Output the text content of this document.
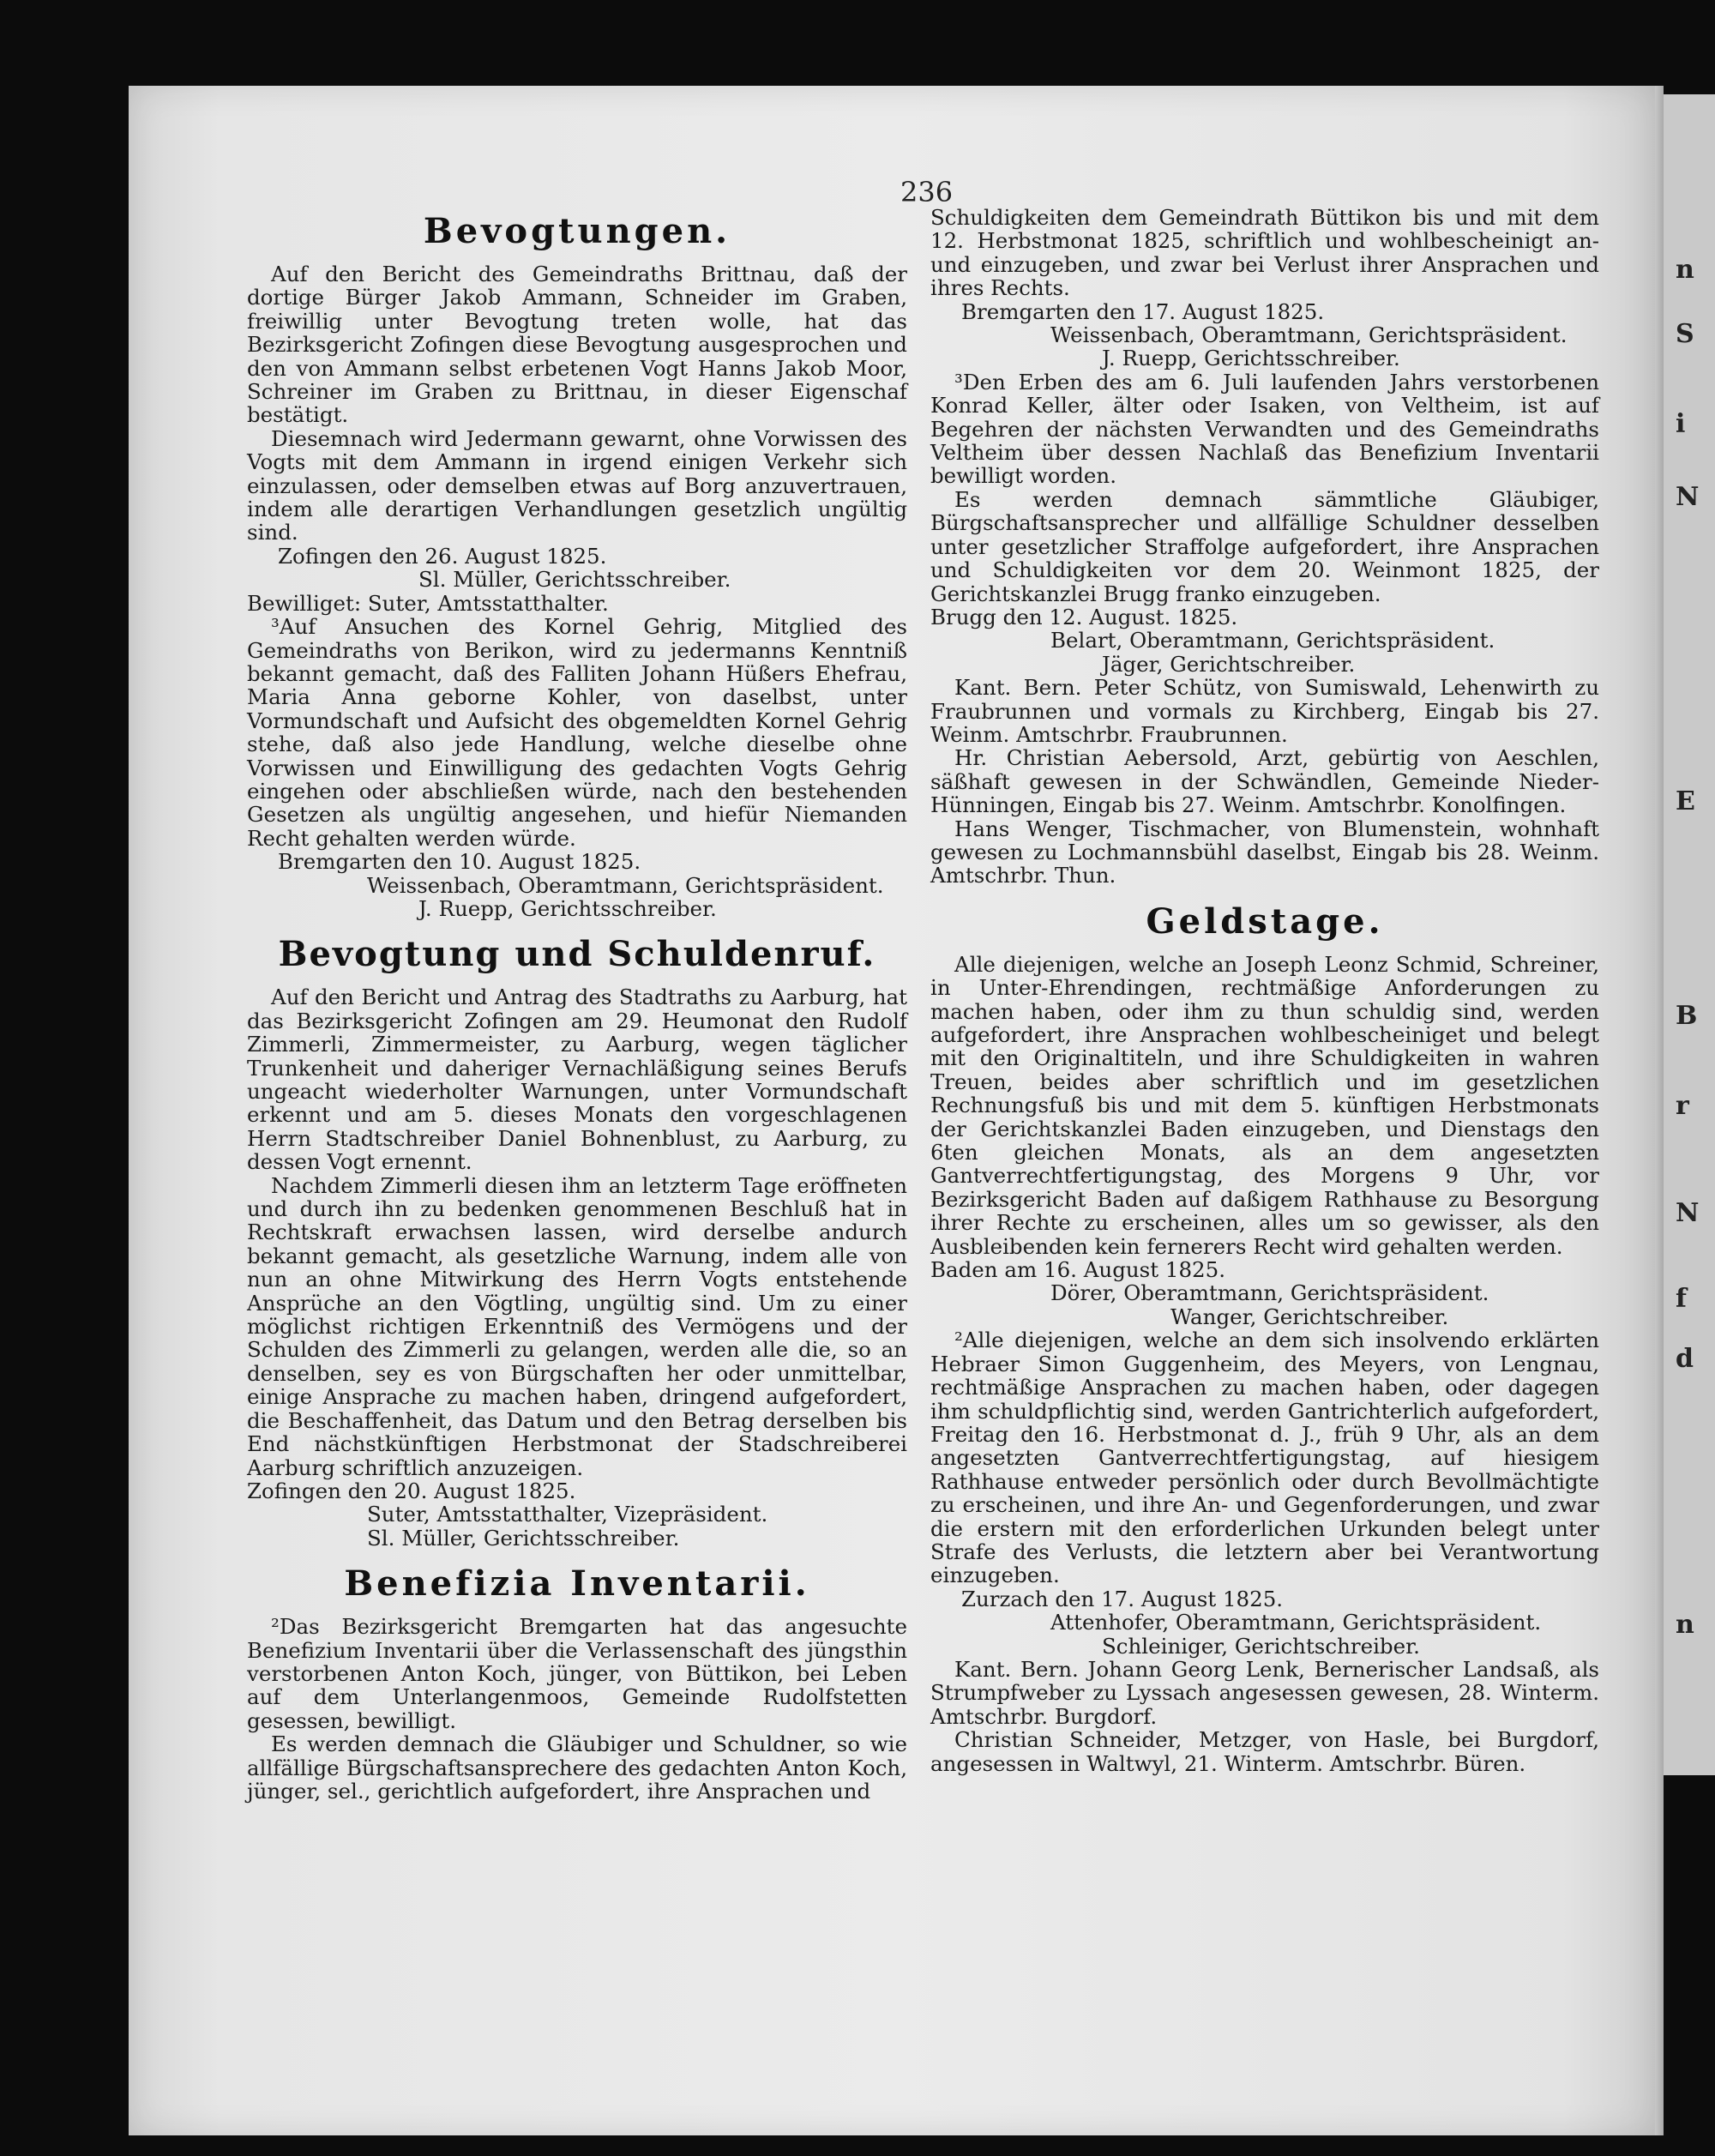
n
S
i
N
E
B
r
N
f
d
n
236
Bevogtungen.

Auf den Bericht des Gemeindraths Brittnau, daß der dortige Bürger Jakob Ammann, Schneider im Graben, freiwillig unter Bevogtung treten wolle, hat das Bezirksgericht Zofingen diese Bevogtung ausgesprochen und den von Ammann selbst erbetenen Vogt Hanns Jakob Moor, Schreiner im Graben zu Brittnau, in dieser Eigenschaf bestätigt.

Diesemnach wird Jedermann gewarnt, ohne Vorwissen des Vogts mit dem Ammann in irgend einigen Verkehr sich einzulassen, oder demselben etwas auf Borg anzuvertrauen, indem alle derartigen Verhandlungen gesetzlich ungültig sind.

Zofingen den 26. August 1825.

Sl. Müller, Gerichtsschreiber.

Bewilliget: Suter, Amtsstatthalter.

³Auf Ansuchen des Kornel Gehrig, Mitglied des Gemeindraths von Berikon, wird zu jedermanns Kenntniß bekannt gemacht, daß des Falliten Johann Hüßers Ehefrau, Maria Anna geborne Kohler, von daselbst, unter Vormundschaft und Aufsicht des obgemeldten Kornel Gehrig stehe, daß also jede Handlung, welche dieselbe ohne Vorwissen und Einwilligung des gedachten Vogts Gehrig eingehen oder abschließen würde, nach den bestehenden Gesetzen als ungültig angesehen, und hiefür Niemanden Recht gehalten werden würde.

Bremgarten den 10. August 1825.

Weissenbach, Oberamtmann, Gerichtspräsident.

J. Ruepp, Gerichtsschreiber.

Bevogtung und Schuldenruf.

Auf den Bericht und Antrag des Stadtraths zu Aarburg, hat das Bezirksgericht Zofingen am 29. Heumonat den Rudolf Zimmerli, Zimmermeister, zu Aarburg, wegen täglicher Trunkenheit und daheriger Vernachläßigung seines Berufs ungeacht wiederholter Warnungen, unter Vormundschaft erkennt und am 5. dieses Monats den vorgeschlagenen Herrn Stadtschreiber Daniel Bohnenblust, zu Aarburg, zu dessen Vogt ernennt.

Nachdem Zimmerli diesen ihm an letzterm Tage eröffneten und durch ihn zu bedenken genommenen Beschluß hat in Rechtskraft erwachsen lassen, wird derselbe andurch bekannt gemacht, als gesetzliche Warnung, indem alle von nun an ohne Mitwirkung des Herrn Vogts entstehende Ansprüche an den Vögtling, ungültig sind. Um zu einer möglichst richtigen Erkenntniß des Vermögens und der Schulden des Zimmerli zu gelangen, werden alle die, so an denselben, sey es von Bürgschaften her oder unmittelbar, einige Ansprache zu machen haben, dringend aufgefordert, die Beschaffenheit, das Datum und den Betrag derselben bis End nächstkünftigen Herbstmonat der Stadschreiberei Aarburg schriftlich anzuzeigen.

Zofingen den 20. August 1825.

Suter, Amtsstatthalter, Vizepräsident.

Sl. Müller, Gerichtsschreiber.

Benefizia Inventarii.

²Das Bezirksgericht Bremgarten hat das angesuchte Benefizium Inventarii über die Verlassenschaft des jüngsthin verstorbenen Anton Koch, jünger, von Büttikon, bei Leben auf dem Unterlangenmoos, Gemeinde Rudolfstetten gesessen, bewilligt.

Es werden demnach die Gläubiger und Schuldner, so wie allfällige Bürgschaftsansprechere des gedachten Anton Koch, jünger, sel., gerichtlich aufgefordert, ihre Ansprachen und

Schuldigkeiten dem Gemeindrath Büttikon bis und mit dem 12. Herbstmonat 1825, schriftlich und wohlbescheinigt an- und einzugeben, und zwar bei Verlust ihrer Ansprachen und ihres Rechts.

Bremgarten den 17. August 1825.

Weissenbach, Oberamtmann, Gerichtspräsident.

J. Ruepp, Gerichtsschreiber.

³Den Erben des am 6. Juli laufenden Jahrs verstorbenen Konrad Keller, älter oder Isaken, von Veltheim, ist auf Begehren der nächsten Verwandten und des Gemeindraths Veltheim über dessen Nachlaß das Benefizium Inventarii bewilligt worden.

Es werden demnach sämmtliche Gläubiger, Bürgschaftsansprecher und allfällige Schuldner desselben unter gesetzlicher Straffolge aufgefordert, ihre Ansprachen und Schuldigkeiten vor dem 20. Weinmont 1825, der Gerichtskanzlei Brugg franko einzugeben.

Brugg den 12. August. 1825.

Belart, Oberamtmann, Gerichtspräsident.

Jäger, Gerichtschreiber.

Kant. Bern. Peter Schütz, von Sumiswald, Lehenwirth zu Fraubrunnen und vormals zu Kirchberg, Eingab bis 27. Weinm. Amtschrbr. Fraubrunnen.

Hr. Christian Aebersold, Arzt, gebürtig von Aeschlen, säßhaft gewesen in der Schwändlen, Gemeinde Nieder-Hünningen, Eingab bis 27. Weinm. Amtschrbr. Konolfingen.

Hans Wenger, Tischmacher, von Blumenstein, wohnhaft gewesen zu Lochmannsbühl daselbst, Eingab bis 28. Weinm. Amtschrbr. Thun.

Geldstage.

Alle diejenigen, welche an Joseph Leonz Schmid, Schreiner, in Unter-Ehrendingen, rechtmäßige Anforderungen zu machen haben, oder ihm zu thun schuldig sind, werden aufgefordert, ihre Ansprachen wohlbescheiniget und belegt mit den Originaltiteln, und ihre Schuldigkeiten in wahren Treuen, beides aber schriftlich und im gesetzlichen Rechnungsfuß bis und mit dem 5. künftigen Herbstmonats der Gerichtskanzlei Baden einzugeben, und Dienstags den 6ten gleichen Monats, als an dem angesetzten Gantverrechtfertigungstag, des Morgens 9 Uhr, vor Bezirksgericht Baden auf daßigem Rathhause zu Besorgung ihrer Rechte zu erscheinen, alles um so gewisser, als den Ausbleibenden kein fernerers Recht wird gehalten werden.

Baden am 16. August 1825.

Dörer, Oberamtmann, Gerichtspräsident.

Wanger, Gerichtschreiber.

²Alle diejenigen, welche an dem sich insolvendo erklärten Hebraer Simon Guggenheim, des Meyers, von Lengnau, rechtmäßige Ansprachen zu machen haben, oder dagegen ihm schuldpflichtig sind, werden Gantrichterlich aufgefordert, Freitag den 16. Herbstmonat d. J., früh 9 Uhr, als an dem angesetzten Gantverrechtfertigungstag, auf hiesigem Rathhause entweder persönlich oder durch Bevollmächtigte zu erscheinen, und ihre An- und Gegenforderungen, und zwar die erstern mit den erforderlichen Urkunden belegt unter Strafe des Verlusts, die letztern aber bei Verantwortung einzugeben.

Zurzach den 17. August 1825.

Attenhofer, Oberamtmann, Gerichtspräsident.

Schleiniger, Gerichtschreiber.

Kant. Bern. Johann Georg Lenk, Bernerischer Landsaß, als Strumpfweber zu Lyssach angesessen gewesen, 28. Winterm. Amtschrbr. Burgdorf.

Christian Schneider, Metzger, von Hasle, bei Burgdorf, angesessen in Waltwyl, 21. Winterm. Amtschrbr. Büren.
